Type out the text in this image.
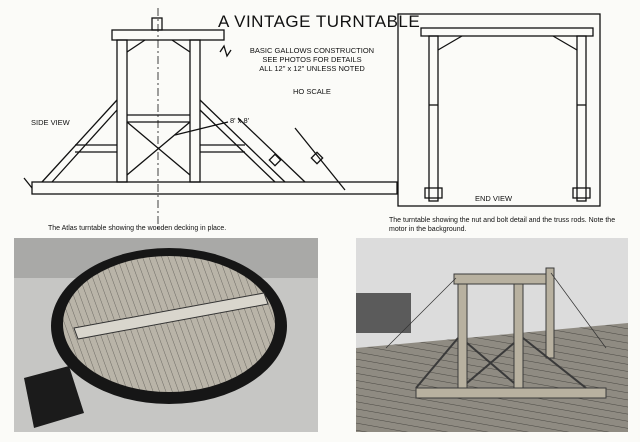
A VINTAGE TURNTABLE
BASIC GALLOWS CONSTRUCTION
SEE PHOTOS FOR DETAILS
ALL 12" x 12" UNLESS NOTED
HO SCALE
SIDE VIEW
END VIEW
8' x 8'
The Atlas turntable showing the wooden decking in place.
The turntable showing the nut and bolt detail and the truss rods. Note the motor in the background.
